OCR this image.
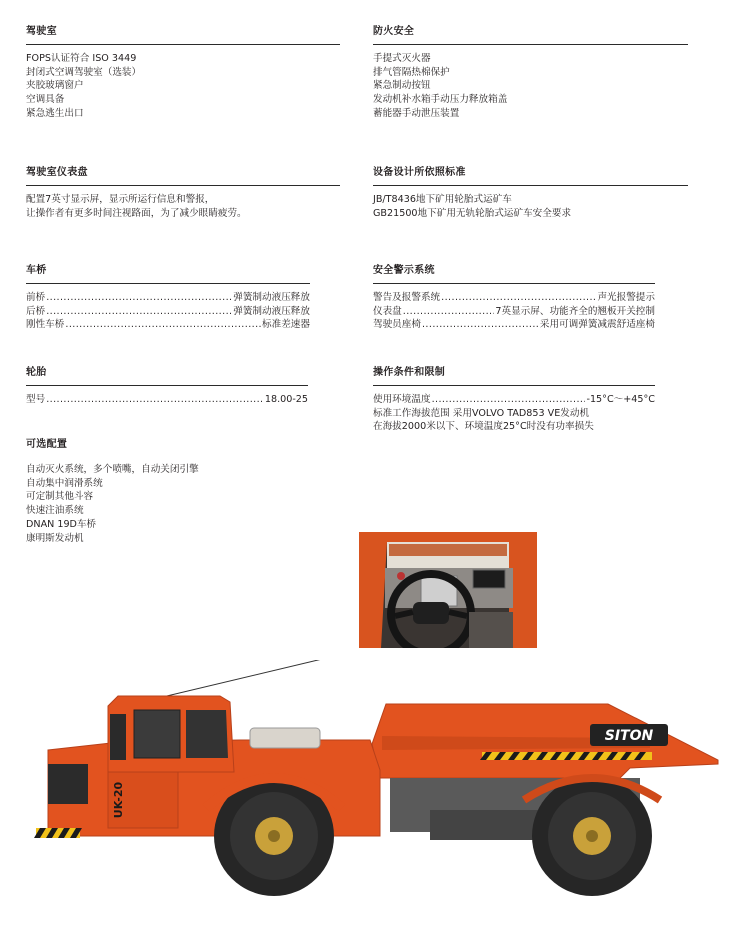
驾驶室
FOPS认证符合 ISO 3449
封闭式空调驾驶室（选装）
夹胶玻璃窗户
空调具备
紧急逃生出口
驾驶室仪表盘
配置7英寸显示屏，显示所运行信息和警报，
让操作者有更多时间注视路面，为了减少眼睛疲劳。
车桥
前桥 .....	弹簧制动液压释放
后桥 .....	弹簧制动液压释放
刚性车桥 .....	标准差速器
轮胎
型号 .....	18.00-25
可选配置
自动灭火系统，多个喷嘴，自动关闭引擎
自动集中润滑系统
可定制其他斗容
快速注油系统
DNAN 19D车桥
康明斯发动机
防火安全
手提式灭火器
排气管隔热棉保护
紧急制动按钮
发动机补水箱手动压力释放箱盖
蓄能器手动泄压装置
设备设计所依照标准
JB/T8436地下矿用轮胎式运矿车
GB21500地下矿用无轨轮胎式运矿车安全要求
安全警示系统
警告及报警系统 .....	声光报警提示
仪表盘 .....	7英显示屏、功能齐全的翘板开关控制
驾驶员座椅 .....	采用可调弹簧减震舒适座椅
操作条件和限制
使用环境温度 .....	-15°C～+45°C
标准工作海拔范围 采用VOLVO TAD853 VE发动机
在海拔2000米以下、环境温度25°C时没有功率损失
SITON
UK-20
